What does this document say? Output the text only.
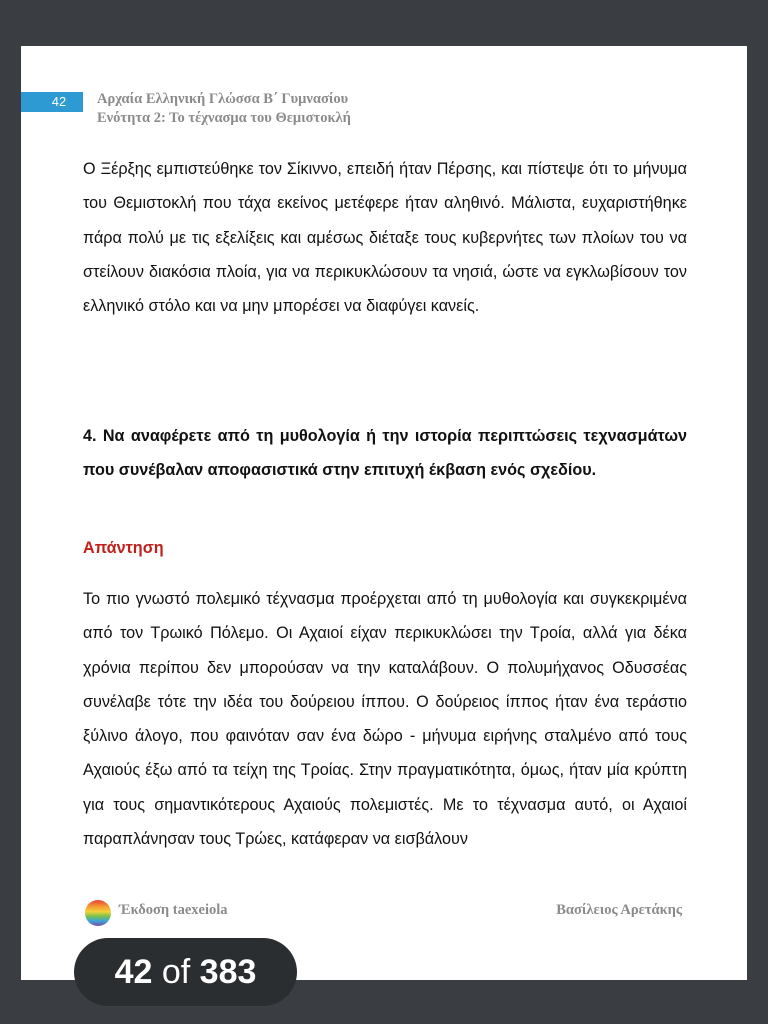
42	Αρχαία Ελληνική Γλώσσα Β΄ Γυμνασίου
Ενότητα 2: Το τέχνασμα του Θεμιστοκλή
Ο Ξέρξης εμπιστεύθηκε τον Σίκιννο, επειδή ήταν Πέρσης, και πίστεψε ότι το μήνυμα του Θεμιστοκλή που τάχα εκείνος μετέφερε ήταν αληθινό. Μάλιστα, ευχαριστήθηκε πάρα πολύ με τις εξελίξεις και αμέσως διέταξε τους κυβερνήτες των πλοίων του να στείλουν διακόσια πλοία, για να περικυκλώσουν τα νησιά, ώστε να εγκλωβίσουν τον ελληνικό στόλο και να μην μπορέσει να διαφύγει κανείς.
4. Να αναφέρετε από τη μυθολογία ή την ιστορία περιπτώσεις τεχνασμάτων που συνέβαλαν αποφασιστικά στην επιτυχή έκβαση ενός σχεδίου.
Απάντηση
Το πιο γνωστό πολεμικό τέχνασμα προέρχεται από τη μυθολογία και συγκεκριμένα από τον Τρωικό Πόλεμο. Οι Αχαιοί είχαν περικυκλώσει την Τροία, αλλά για δέκα χρόνια περίπου δεν μπορούσαν να την καταλάβουν. Ο πολυμήχανος Οδυσσέας συνέλαβε τότε την ιδέα του δούρειου ίππου. Ο δούρειος ίππος ήταν ένα τεράστιο ξύλινο άλογο, που φαινόταν σαν ένα δώρο - μήνυμα ειρήνης σταλμένο από τους Αχαιούς έξω από τα τείχη της Τροίας. Στην πραγματικότητα, όμως, ήταν μία κρύπτη για τους σημαντικότερους Αχαιούς πολεμιστές. Με το τέχνασμα αυτό, οι Αχαιοί παραπλάνησαν τους Τρώες, κατάφεραν να εισβάλουν
Έκδοση taexeiola	Βασίλειος Αρετάκης
42 of 383
